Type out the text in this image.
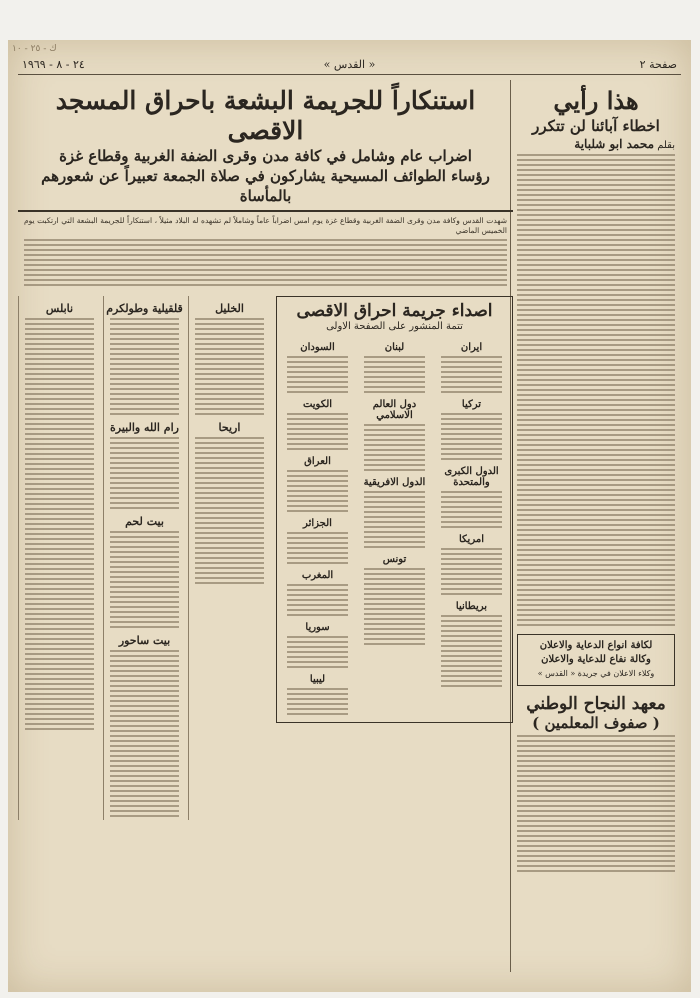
ك - ٢٥ - ١٠
صفحة ٢
« القدس »
٢٤ - ٨ - ١٩٦٩
هذا رأيي
اخطاء آبائنا لن تتكرر
بقلم محمد ابو شلباية
لكافة انواع الدعاية والاعلان
وكالة نفاع للدعاية والاعلان
وكلاء الاعلان في جريدة « القدس »
معهد النجاح الوطني
( صفوف المعلمين )
استنكاراً للجريمة البشعة باحراق المسجد الاقصى
اضراب عام وشامل في كافة مدن وقرى الضفة الغربية وقطاع غزة
رؤساء الطوائف المسيحية يشاركون في صلاة الجمعة تعبيراً عن شعورهم بالمأساة
شهدت القدس وكافة مدن وقرى الضفة الغربية وقطاع غزة يوم امس اضراباً عاماً وشاملاً لم تشهده له البلاد مثيلاً ، استنكاراً للجريمة البشعة التي ارتكبت يوم الخميس الماضي
اصداء جريمة احراق الاقصى
تتمة المنشور على الصفحة الاولى
ايران
تركيا
الدول الكبرى والمتحدة
امريكا
بريطانيا
لبنان
دول العالم الاسلامي
الدول الافريقية
تونس
السودان
الكويت
العراق
الجزائر
المغرب
سوريا
ليبيا
الخليل
اريحا
قلقيلية وطولكرم
رام الله والبيرة
بيت لحم
بيت ساحور
نابلس
